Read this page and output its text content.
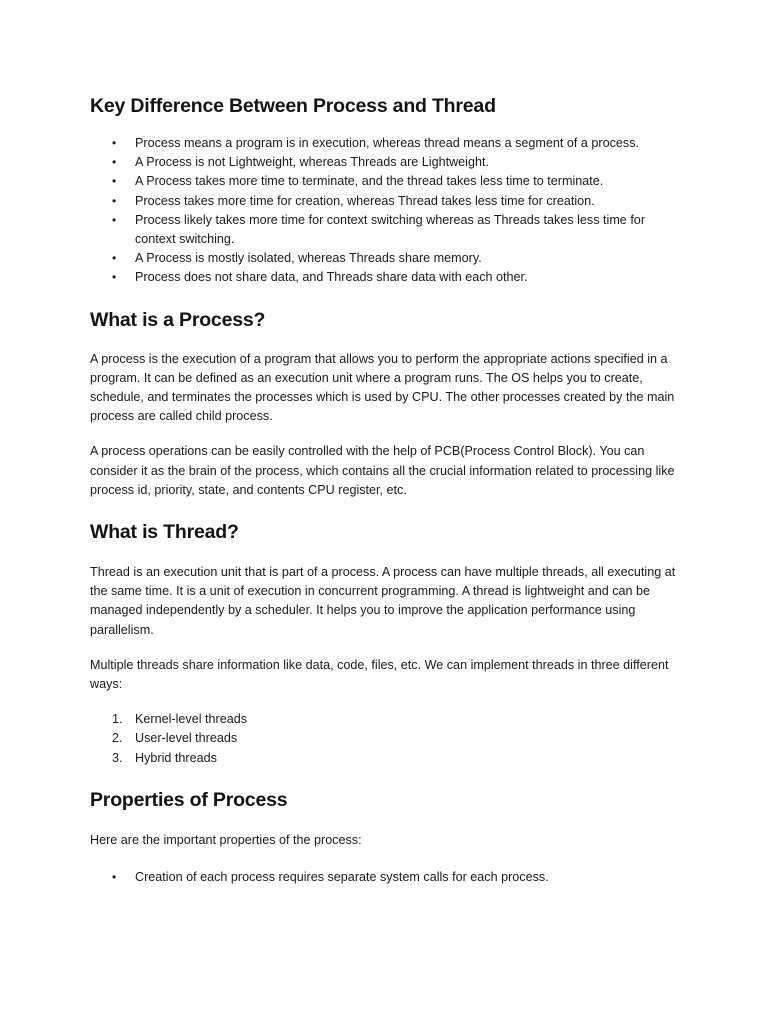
Key Difference Between Process and Thread
• Process means a program is in execution, whereas thread means a segment of a process.
• A Process is not Lightweight, whereas Threads are Lightweight.
• A Process takes more time to terminate, and the thread takes less time to terminate.
• Process takes more time for creation, whereas Thread takes less time for creation.
• Process likely takes more time for context switching whereas as Threads takes less time for context switching.
• A Process is mostly isolated, whereas Threads share memory.
• Process does not share data, and Threads share data with each other.
What is a Process?

A process is the execution of a program that allows you to perform the appropriate actions specified in a program. It can be defined as an execution unit where a program runs. The OS helps you to create, schedule, and terminates the processes which is used by CPU. The other processes created by the main process are called child process.

A process operations can be easily controlled with the help of PCB(Process Control Block). You can consider it as the brain of the process, which contains all the crucial information related to processing like process id, priority, state, and contents CPU register, etc.

What is Thread?

Thread is an execution unit that is part of a process. A process can have multiple threads, all executing at the same time. It is a unit of execution in concurrent programming. A thread is lightweight and can be managed independently by a scheduler. It helps you to improve the application performance using parallelism.

Multiple threads share information like data, code, files, etc. We can implement threads in three different ways:

1. Kernel-level threads
2. User-level threads
3. Hybrid threads
Properties of Process

Here are the important properties of the process:

• Creation of each process requires separate system calls for each process.
